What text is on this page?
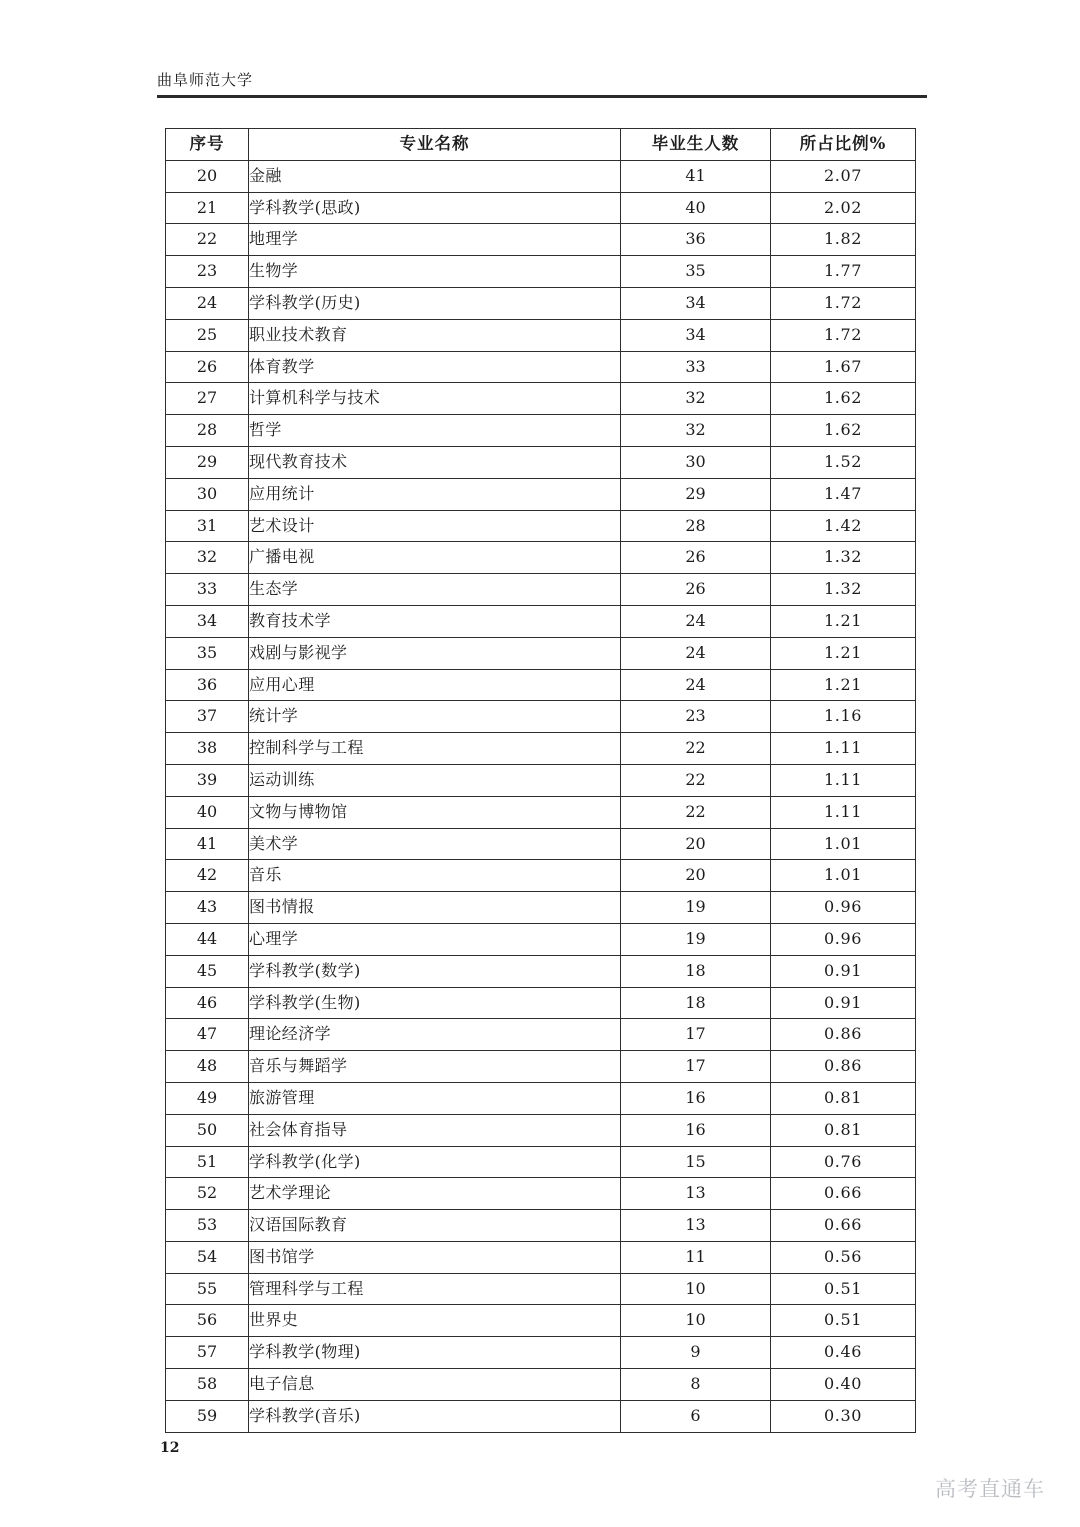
曲阜师范大学
序号	专业名称	毕业生人数	所占比例%
20	金融	41	2.07
21	学科教学(思政)	40	2.02
22	地理学	36	1.82
23	生物学	35	1.77
24	学科教学(历史)	34	1.72
25	职业技术教育	34	1.72
26	体育教学	33	1.67
27	计算机科学与技术	32	1.62
28	哲学	32	1.62
29	现代教育技术	30	1.52
30	应用统计	29	1.47
31	艺术设计	28	1.42
32	广播电视	26	1.32
33	生态学	26	1.32
34	教育技术学	24	1.21
35	戏剧与影视学	24	1.21
36	应用心理	24	1.21
37	统计学	23	1.16
38	控制科学与工程	22	1.11
39	运动训练	22	1.11
40	文物与博物馆	22	1.11
41	美术学	20	1.01
42	音乐	20	1.01
43	图书情报	19	0.96
44	心理学	19	0.96
45	学科教学(数学)	18	0.91
46	学科教学(生物)	18	0.91
47	理论经济学	17	0.86
48	音乐与舞蹈学	17	0.86
49	旅游管理	16	0.81
50	社会体育指导	16	0.81
51	学科教学(化学)	15	0.76
52	艺术学理论	13	0.66
53	汉语国际教育	13	0.66
54	图书馆学	11	0.56
55	管理科学与工程	10	0.51
56	世界史	10	0.51
57	学科教学(物理)	9	0.46
58	电子信息	8	0.40
59	学科教学(音乐)	6	0.30
12
高考直通车
